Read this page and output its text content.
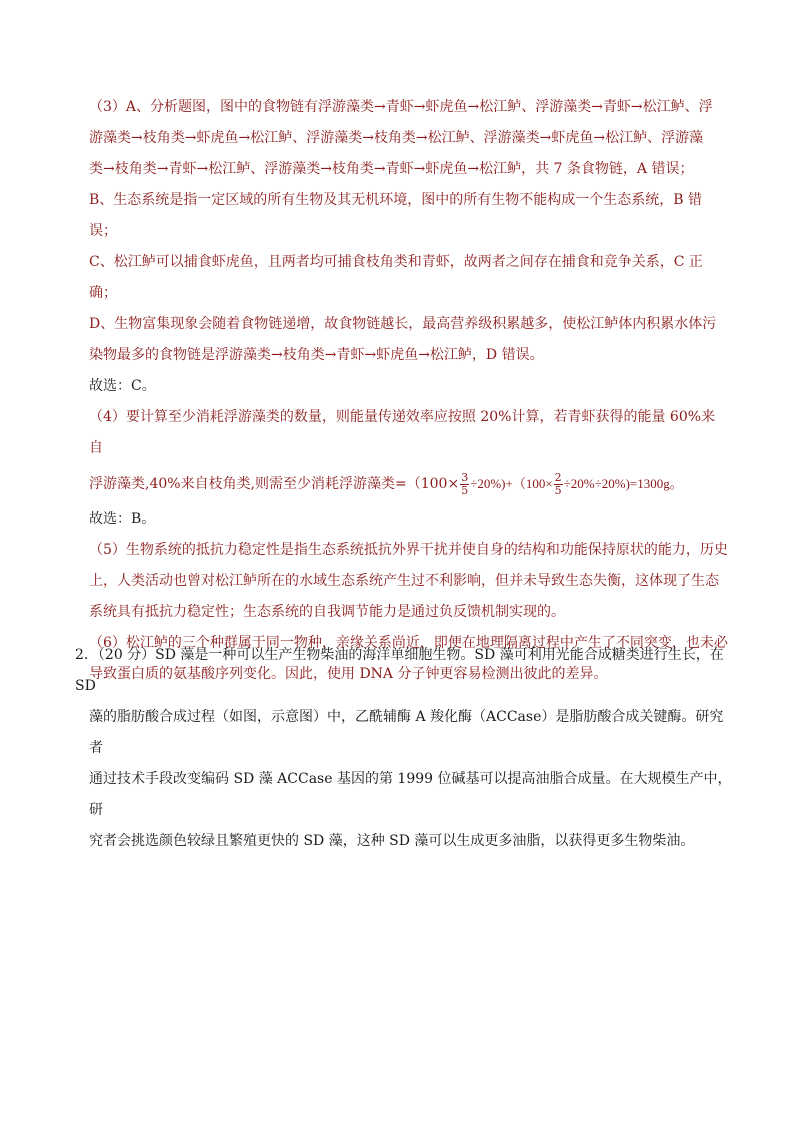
（3）A、分析题图，图中的食物链有浮游藻类→青虾→虾虎鱼→松江鲈、浮游藻类→青虾→松江鲈、浮

游藻类→枝角类→虾虎鱼→松江鲈、浮游藻类→枝角类→松江鲈、浮游藻类→虾虎鱼→松江鲈、浮游藻

类→枝角类→青虾→松江鲈、浮游藻类→枝角类→青虾→虾虎鱼→松江鲈，共 7 条食物链，A 错误；

B、生态系统是指一定区域的所有生物及其无机环境，图中的所有生物不能构成一个生态系统，B 错误；

C、松江鲈可以捕食虾虎鱼，且两者均可捕食枝角类和青虾，故两者之间存在捕食和竞争关系，C 正确；

D、生物富集现象会随着食物链递增，故食物链越长，最高营养级积累越多，使松江鲈体内积累水体污

染物最多的食物链是浮游藻类→枝角类→青虾→虾虎鱼→松江鲈，D 错误。

故选：C。

（4）要计算至少消耗浮游藻类的数量，则能量传递效率应按照 20%计算，若青虾获得的能量 60%来自

浮游藻类,40%来自枝角类,则需至少消耗浮游藻类$=(100\times \frac{3}{5} \div 20\%)+(100\times \frac{2}{5} \div 20\%\div 20\%)=1300g$。

故选：B。

（5）生物系统的抵抗力稳定性是指生态系统抵抗外界干扰并使自身的结构和功能保持原状的能力，历史

上，人类活动也曾对松江鲈所在的水域生态系统产生过不利影响，但并未导致生态失衡，这体现了生态

系统具有抵抗力稳定性；生态系统的自我调节能力是通过负反馈机制实现的。

（6）松江鲈的三个种群属于同一物种，亲缘关系尚近，即便在地理隔离过程中产生了不同突变，也未必

导致蛋白质的氨基酸序列变化。因此，使用 DNA 分子钟更容易检测出彼此的差异。

2．（20 分）SD 藻是一种可以生产生物柴油的海洋单细胞生物。SD 藻可利用光能合成糖类进行生长，在 SD
藻的脂肪酸合成过程（如图，示意图）中，乙酰辅酶 A 羧化酶（ACCase）是脂肪酸合成关键酶。研究者
通过技术手段改变编码 SD 藻 ACCase 基因的第 1999 位碱基可以提高油脂合成量。在大规模生产中，研
究者会挑选颜色较绿且繁殖更快的 SD 藻，这种 SD 藻可以生成更多油脂，以获得更多生物柴油。
